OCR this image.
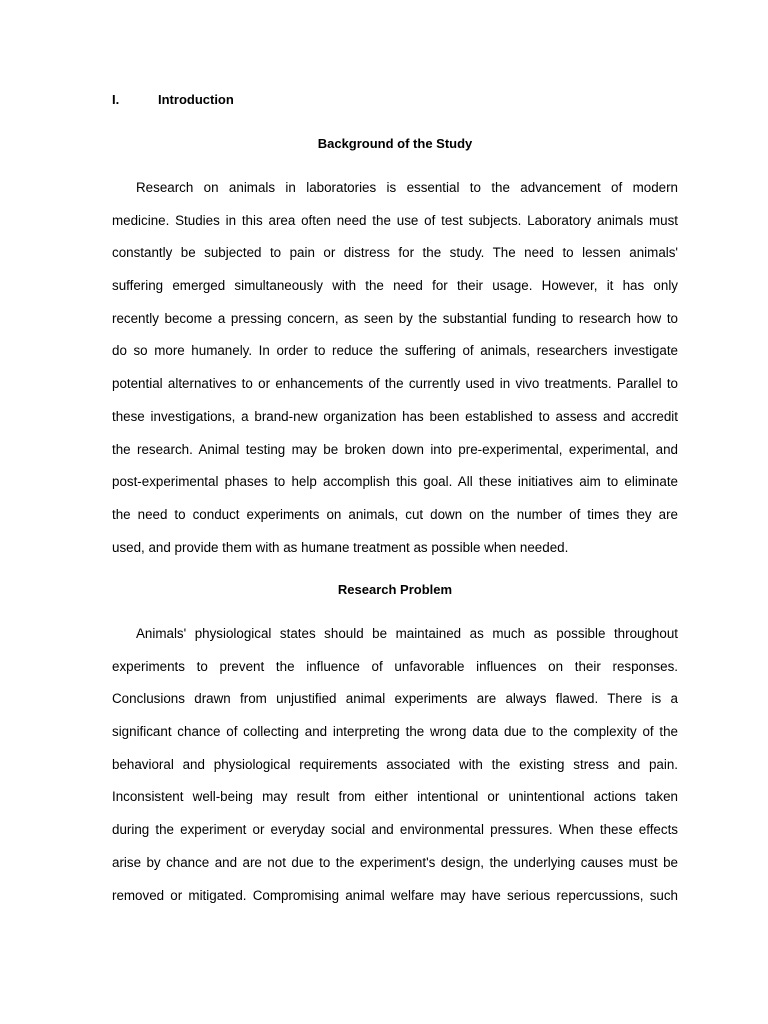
I.	Introduction
Background of the Study
Research on animals in laboratories is essential to the advancement of modern
medicine. Studies in this area often need the use of test subjects. Laboratory animals must
constantly be subjected to pain or distress for the study. The need to lessen animals'
suffering emerged simultaneously with the need for their usage. However, it has only
recently become a pressing concern, as seen by the substantial funding to research how to
do so more humanely. In order to reduce the suffering of animals, researchers investigate
potential alternatives to or enhancements of the currently used in vivo treatments. Parallel to
these investigations, a brand-new organization has been established to assess and accredit
the research. Animal testing may be broken down into pre-experimental, experimental, and
post-experimental phases to help accomplish this goal. All these initiatives aim to eliminate
the need to conduct experiments on animals, cut down on the number of times they are
used, and provide them with as humane treatment as possible when needed.
Research Problem
Animals' physiological states should be maintained as much as possible throughout
experiments to prevent the influence of unfavorable influences on their responses.
Conclusions drawn from unjustified animal experiments are always flawed. There is a
significant chance of collecting and interpreting the wrong data due to the complexity of the
behavioral and physiological requirements associated with the existing stress and pain.
Inconsistent well-being may result from either intentional or unintentional actions taken
during the experiment or everyday social and environmental pressures. When these effects
arise by chance and are not due to the experiment's design, the underlying causes must be
removed or mitigated. Compromising animal welfare may have serious repercussions, such
